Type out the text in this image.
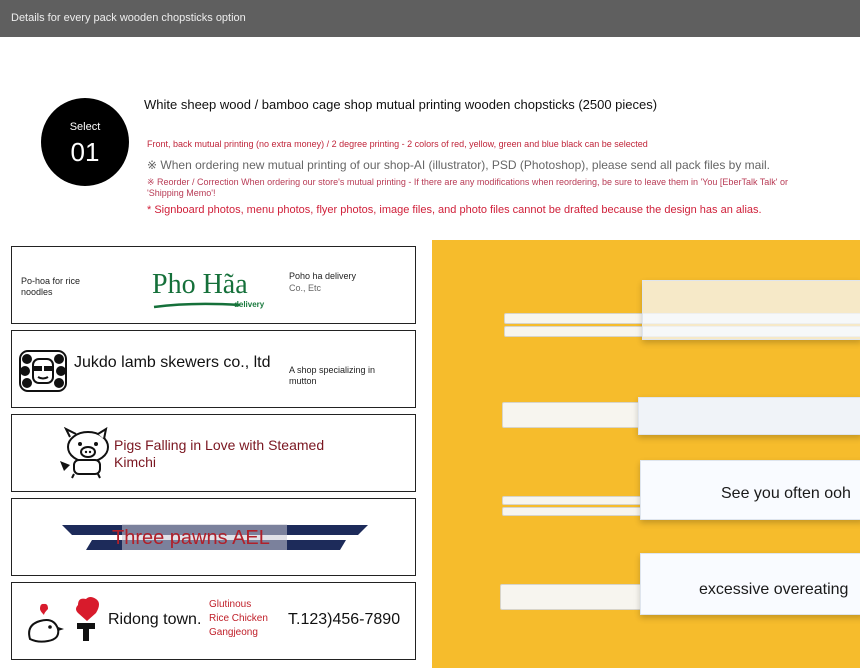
Details for every pack wooden chopsticks option
Select
01
White sheep wood / bamboo cage shop mutual printing wooden chopsticks (2500 pieces)
Front, back mutual printing (no extra money) / 2 degree printing - 2 colors of red, yellow, green and blue black can be selected
※ When ordering new mutual printing of our shop-AI (illustrator), PSD (Photoshop), please send all pack files by mail.
※ Reorder / Correction When ordering our store's mutual printing - If there are any modifications when reordering, be sure to leave them in 'You [EberTalk Talk' or 'Shipping Memo'!
* Signboard photos, menu photos, flyer photos, image files, and photo files cannot be drafted because the design has an alias.
Po-hoa for rice noodles	Pho Hãa
delivery
Poho ha delivery
Co., Etc
Jukdo lamb skewers co., ltd	A shop specializing in mutton
Pigs Falling in Love with Steamed Kimchi
Three pawns AEL
Ridong town.
Glutinous
Rice Chicken
Gangjeong
T.123)456-7890
See you often ooh
excessive overeating
